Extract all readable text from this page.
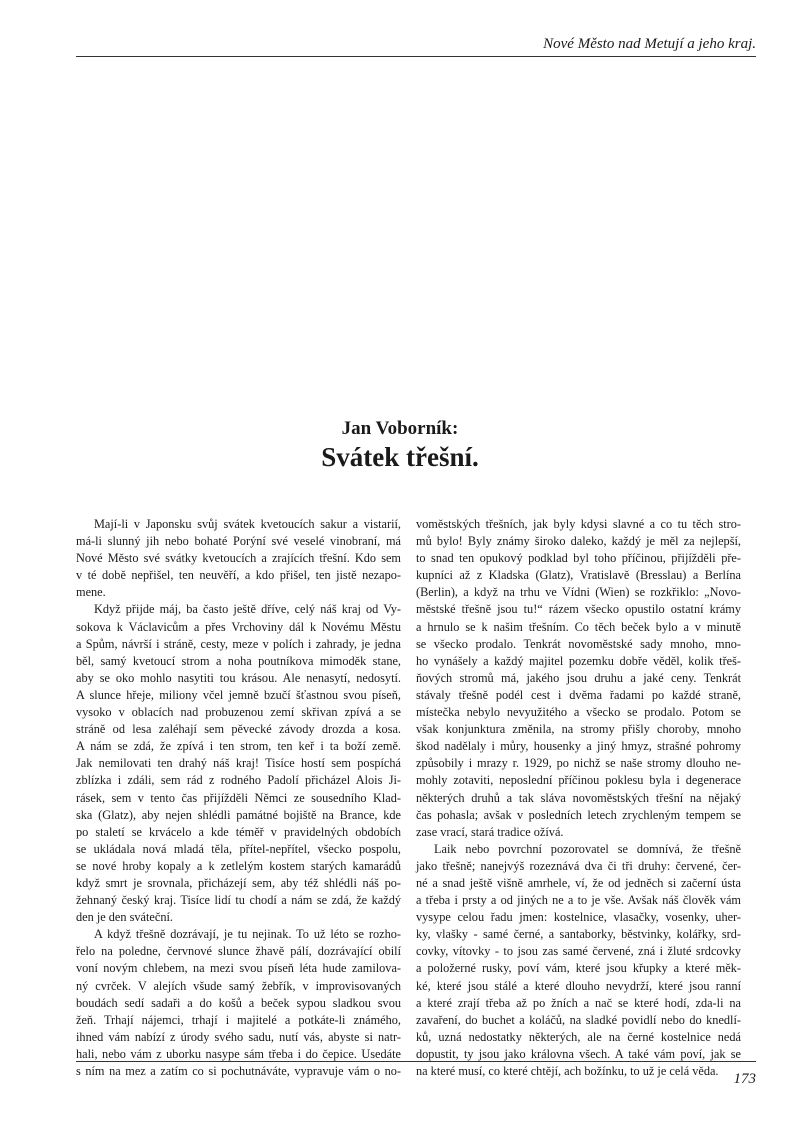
Nové Město nad Metují a jeho kraj.
Jan Voborník:
Svátek třešní.
Mají-li v Japonsku svůj svátek kvetoucích sakur a vistarií,
má-li slunný jih nebo bohaté Porýní své veselé vinobraní, má
Nové Město své svátky kvetoucích a zrajících třešní. Kdo sem
v té době nepřišel, ten neuvěří, a kdo přišel, ten jistě nezapo-
mene.
Když přijde máj, ba často ještě dříve, celý náš kraj od Vy-
sokova k Václavicům a přes Vrchoviny dál k Novému Městu
a Spům, návrší i stráně, cesty, meze v polích i zahrady, je jedna
běl, samý kvetoucí strom a noha poutníkova mimoděk stane,
aby se oko mohlo nasytiti tou krásou. Ale nenasytí, nedosytí.
A slunce hřeje, miliony včel jemně bzučí šťastnou svou píseň,
vysoko v oblacích nad probuzenou zemí skřivan zpívá a se
stráně od lesa zaléhají sem pěvecké závody drozda a kosa.
A nám se zdá, že zpívá i ten strom, ten keř i ta boží země.
Jak nemilovati ten drahý náš kraj! Tisíce hostí sem pospíchá
zblízka i zdáli, sem rád z rodného Padolí přicházel Alois Ji-
rásek, sem v tento čas přijížděli Němci ze sousedního Klad-
ska (Glatz), aby nejen shlédli památné bojiště na Brance, kde
po staletí se krvácelo a kde téměř v pravidelných obdobích
se ukládala nová mladá těla, přítel-nepřítel, všecko pospolu,
se nové hroby kopaly a k zetlelým kostem starých kamarádů
když smrt je srovnala, přicházejí sem, aby též shlédli náš po-
žehnaný český kraj. Tisíce lidí tu chodí a nám se zdá, že každý
den je den sváteční.
A když třešně dozrávají, je tu nejinak. To už léto se rozho-
řelo na poledne, červnové slunce žhavě pálí, dozrávající obilí
voní novým chlebem, na mezi svou píseň léta hude zamilova-
ný cvrček. V alejích všude samý žebřík, v improvisovaných
boudách sedí sadaři a do košů a beček sypou sladkou svou
žeň. Trhají nájemci, trhají i majitelé a potkáte-li známého,
ihned vám nabízí z úrody svého sadu, nutí vás, abyste si natr-
hali, nebo vám z uborku nasype sám třeba i do čepice. Usedáte
s ním na mez a zatím co si pochutnáváte, vypravuje vám o no-
voměstských třešních, jak byly kdysi slavné a co tu těch stro-
mů bylo! Byly známy široko daleko, každý je měl za nejlepší,
to snad ten opukový podklad byl toho příčinou, přijížděli pře-
kupníci až z Kladska (Glatz), Vratislavě (Bresslau) a Berlína
(Berlin), a když na trhu ve Vídni (Wien) se rozkřiklo: „Novo-
městské třešně jsou tu!“ rázem všecko opustilo ostatní krámy
a hrnulo se k našim třešním. Co těch beček bylo a v minutě
se všecko prodalo. Tenkrát novoměstské sady mnoho, mno-
ho vynášely a každý majitel pozemku dobře věděl, kolik třeš-
ňových stromů má, jakého jsou druhu a jaké ceny. Tenkrát
stávaly třešně podél cest i dvěma řadami po každé straně,
místečka nebylo nevyužitého a všecko se prodalo. Potom se
však konjunktura změnila, na stromy přišly choroby, mnoho
škod nadělaly i můry, housenky a jiný hmyz, strašné pohromy
způsobily i mrazy r. 1929, po nichž se naše stromy dlouho ne-
mohly zotaviti, neposlední příčinou poklesu byla i degenerace
některých druhů a tak sláva novoměstských třešní na nějaký
čas pohasla; avšak v posledních letech zrychleným tempem se
zase vrací, stará tradice ožívá.
Laik nebo povrchní pozorovatel se domnívá, že třešně
jako třešně; nanejvýš rozeznává dva či tři druhy: červené, čer-
né a snad ještě višně amrhele, ví, že od jedněch si začerní ústa
a třeba i prsty a od jiných ne a to je vše. Avšak náš člověk vám
vysype celou řadu jmen: kostelnice, vlasačky, vosenky, uher-
ky, vlašky - samé černé, a santaborky, běstvinky, kolářky, srd-
covky, vítovky - to jsou zas samé červené, zná i žluté srdcovky
a položerné rusky, poví vám, které jsou křupky a které měk-
ké, které jsou stálé a které dlouho nevydrží, které jsou ranní
a které zrají třeba až po žních a nač se které hodí, zda-li na
zavaření, do buchet a koláčů, na sladké povidlí nebo do knedlí-
ků, uzná nedostatky některých, ale na černé kostelnice nedá
dopustit, ty jsou jako královna všech. A také vám poví, jak se
na které musí, co které chtějí, ach božínku, to už je celá věda. 173
